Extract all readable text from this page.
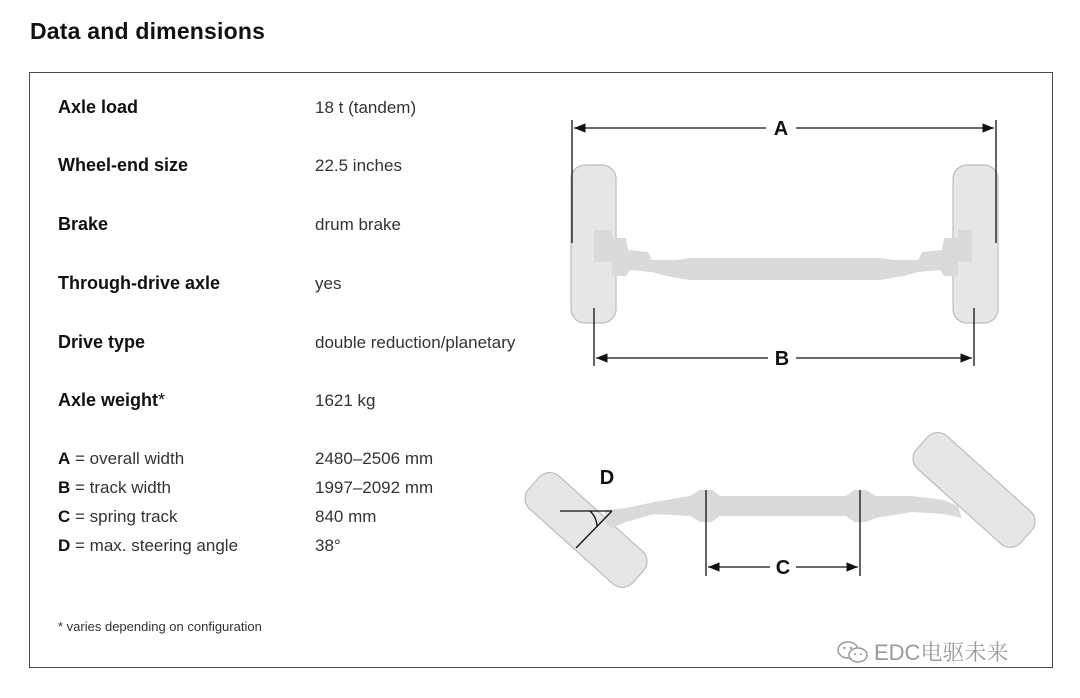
Data and dimensions
Axle load	18 t (tandem)
Wheel-end size	22.5 inches
Brake	drum brake
Through-drive axle	yes
Drive type	double reduction/planetary
Axle weight*	1621 kg
A = overall width	2480–2506 mm
B = track width	1997–2092 mm
C = spring track	840 mm
D = max. steering angle	38°
* varies depending on configuration
A
B
D
C
EDC电驱未来
